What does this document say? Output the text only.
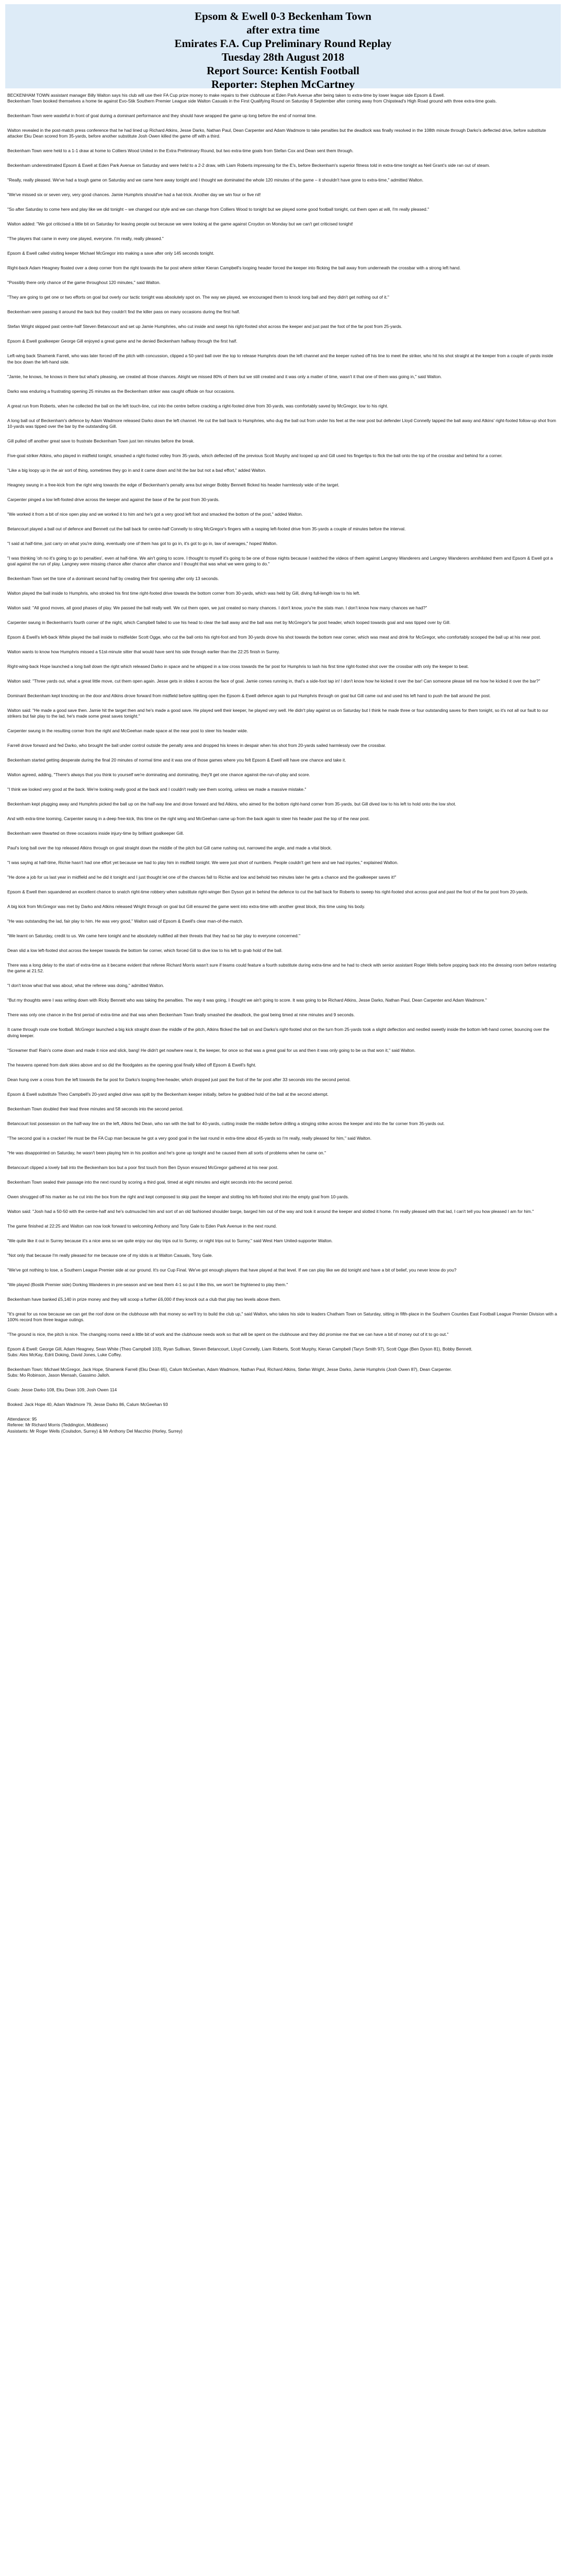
Epsom & Ewell 0-3 Beckenham Town
after extra time
Emirates F.A. Cup Preliminary Round Replay
Tuesday 28th August 2018
Report Source: Kentish Football
Reporter: Stephen McCartney

BECKENHAM TOWN assistant manager Billy Walton says his club will use their FA Cup prize money to make repairs to their clubhouse at Eden Park Avenue after being taken to extra-time by lower league side Epsom & Ewell.

Beckenham Town booked themselves a home tie against Evo-Stik Southern Premier League side Walton Casuals in the First Qualifying Round on Saturday 8 September after coming away from Chipstead's High Road ground with three extra-time goals.

Beckenham Town were wasteful in front of goal during a dominant performance and they should have wrapped the game up long before the end of normal time.

Walton revealed in the post-match press conference that he had lined up Richard Atkins, Jesse Darko, Nathan Paul, Dean Carpenter and Adam Wadmore to take penalties but the deadlock was finally resolved in the 108th minute through Darko's deflected drive, before substitute attacker Eku Dean scored from 35-yards, before another substitute Josh Owen killed the game off with a third.

Beckenham Town were held to a 1-1 draw at home to Colliers Wood United in the Extra Preliminary Round, but two extra-time goals from Stefan Cox and Dean sent them through.

Beckenham underestimated Epsom & Ewell at Eden Park Avenue on Saturday and were held to a 2-2 draw, with Liam Roberts impressing for the E's, before Beckenham's superior fitness told in extra-time tonight as Neil Grant's side ran out of steam.

"Really, really pleased. We've had a tough game on Saturday and we came here away tonight and I thought we dominated the whole 120 minutes of the game – it shouldn't have gone to extra-time," admitted Walton.

"We've missed six or seven very, very good chances. Jamie Humphris should've had a hat-trick. Another day we win four or five nil!

"So after Saturday to come here and play like we did tonight – we changed our style and we can change from Colliers Wood to tonight but we played some good football tonight, cut them open at will, I'm really pleased."

Walton added: "We got criticised a little bit on Saturday for leaving people out because we were looking at the game against Croydon on Monday but we can't get criticised tonight!

"The players that came in every one played, everyone. I'm really, really pleased."

Epsom & Ewell called visiting keeper Michael McGregor into making a save after only 145 seconds tonight.

Right-back Adam Heagney floated over a deep corner from the right towards the far post where striker Kieran Campbell's looping header forced the keeper into flicking the ball away from underneath the crossbar with a strong left hand.

"Possibly there only chance of the game throughout 120 minutes," said Walton.

"They are going to get one or two efforts on goal but overly our tactic tonight was absolutely spot on. The way we played, we encouraged them to knock long ball and they didn't get nothing out of it."

Beckenham were passing it around the back but they couldn't find the killer pass on many occasions during the first half.

Stefan Wright skipped past centre-half Steven Betancourt and set up Jamie Humphries, who cut inside and swept his right-footed shot across the keeper and just past the foot of the far post from 25-yards.

Epsom & Ewell goalkeeper George Gill enjoyed a great game and he denied Beckenham halfway through the first half.

Left-wing back Shamenk Farrell, who was later forced off the pitch with concussion, clipped a 50-yard ball over the top to release Humphris down the left channel and the keeper rushed off his line to meet the striker, who hit his shot straight at the keeper from a couple of yards inside the box down the left-hand side.

"Jamie, he knows, he knows in there but what's pleasing, we created all those chances. Alright we missed 80% of them but we still created and it was only a matter of time, wasn't it that one of them was going in," said Walton.

Darko was enduring a frustrating opening 25 minutes as the Beckenham striker was caught offside on four occasions.

A great run from Roberts, when he collected the ball on the left touch-line, cut into the centre before cracking a right-footed drive from 30-yards, was comfortably saved by McGregor, low to his right.

A long ball out of Beckenham's defence by Adam Wadmore released Darko down the left channel. He cut the ball back to Humphries, who dug the ball out from under his feet at the near post but defender Lloyd Connelly tapped the ball away and Atkins' right-footed follow-up shot from 10-yards was tipped over the bar by the outstanding Gill.

Gill pulled off another great save to frustrate Beckenham Town just ten minutes before the break.

Five-goal striker Atkins, who played in midfield tonight, smashed a right-footed volley from 35-yards, which deflected off the previous Scott Murphy and looped up and Gill used his fingertips to flick the ball onto the top of the crossbar and behind for a corner.

"Like a big loopy up in the air sort of thing, sometimes they go in and it came down and hit the bar but not a bad effort," added Walton.

Heagney swung in a free-kick from the right wing towards the edge of Beckenham's penalty area but winger Bobby Bennett flicked his header harmlessly wide of the target.

Carpenter pinged a low left-footed drive across the keeper and against the base of the far post from 30-yards.

"We worked it from a bit of nice open play and we worked it to him and he's got a very good left foot and smacked the bottom of the post," added Walton.

Betancourt played a ball out of defence and Bennett cut the ball back for centre-half Connelly to sting McGregor's fingers with a rasping left-footed drive from 35-yards a couple of minutes before the interval.

"I said at half-time, just carry on what you're doing, eventually one of them has got to go in, it's got to go in, law of averages," hoped Walton.

"I was thinking 'oh no it's going to go to penalties', even at half-time. We ain't going to score. I thought to myself it's going to be one of those nights because I watched the videos of them against Langney Wanderers and Langney Wanderers annihilated them and Epsom & Ewell got a goal against the run of play. Langney were missing chance after chance after chance and I thought that was what we were going to do."

Beckenham Town set the tone of a dominant second half by creating their first opening after only 13 seconds.

Walton played the ball inside to Humphris, who stroked his first time right-footed drive towards the bottom corner from 30-yards, which was held by Gill, diving full-length low to his left.

Walton said: "All good moves, all good phases of play. We passed the ball really well. We cut them open, we just created so many chances. I don't know, you're the stats man. I don't know how many chances we had?"

Carpenter swung in Beckenham's fourth corner of the night, which Campbell failed to use his head to clear the ball away and the ball was met by McGregor's far post header, which looped towards goal and was tipped over by Gill.

Epsom & Ewell's left-back White played the ball inside to midfielder Scott Ogge, who cut the ball onto his right-foot and from 30-yards drove his shot towards the bottom near corner, which was meat and drink for McGregor, who comfortably scooped the ball up at his near post.

Walton wants to know how Humphris missed a 51st-minute sitter that would have sent his side through earlier than the 22:25 finish in Surrey.

Right-wing-back Hope launched a long ball down the right which released Darko in space and he whipped in a low cross towards the far post for Humphris to lash his first time right-footed shot over the crossbar with only the keeper to beat.

Walton said: "Three yards out, what a great little move, cut them open again. Jesse gets in slides it across the face of goal. Jamie comes running in, that's a side-foot tap in! I don't know how he kicked it over the bar! Can someone please tell me how he kicked it over the bar?"

Dominant Beckenham kept knocking on the door and Atkins drove forward from midfield before splitting open the Epsom & Ewell defence again to put Humphris through on goal but Gill came out and used his left hand to push the ball around the post.

Walton said: "He made a good save then. Jamie hit the target then and he's made a good save. He played well their keeper, he played very well. He didn't play against us on Saturday but I think he made three or four outstanding saves for them tonight, so it's not all our fault to our strikers but fair play to the lad, he's made some great saves tonight."

Carpenter swung in the resulting corner from the right and McGeehan made space at the near post to steer his header wide.

Farrell drove forward and fed Darko, who brought the ball under control outside the penalty area and dropped his knees in despair when his shot from 20-yards sailed harmlessly over the crossbar.

Beckenham started getting desperate during the final 20 minutes of normal time and it was one of those games where you felt Epsom & Ewell will have one chance and take it.

Walton agreed, adding, "There's always that you think to yourself we're dominating and dominating, they'll get one chance against-the-run-of-play and score.

"I think we looked very good at the back. We're looking really good at the back and I couldn't really see them scoring, unless we made a massive mistake."

Beckenham kept plugging away and Humphris picked the ball up on the half-way line and drove forward and fed Atkins, who aimed for the bottom right-hand corner from 35-yards, but Gill dived low to his left to hold onto the low shot.

And with extra-time looming, Carpenter swung in a deep free-kick, this time on the right wing and McGeehan came up from the back again to steer his header past the top of the near post.

Beckenham were thwarted on three occasions inside injury-time by brilliant goalkeeper Gill.

Paul's long ball over the top released Atkins through on goal straight down the middle of the pitch but Gill came rushing out, narrowed the angle, and made a vital block.

"I was saying at half-time, Richie hasn't had one effort yet because we had to play him in midfield tonight. We were just short of numbers. People couldn't get here and we had injuries," explained Walton.

"He done a job for us last year in midfield and he did it tonight and I just thought let one of the chances fall to Richie and low and behold two minutes later he gets a chance and the goalkeeper saves it!"

Epsom & Ewell then squandered an excellent chance to snatch right-time robbery when substitute right-winger Ben Dyson got in behind the defence to cut the ball back for Roberts to sweep his right-footed shot across goal and past the foot of the far post from 20-yards.

A big kick from McGregor was met by Darko and Atkins released Wright through on goal but Gill ensured the game went into extra-time with another great block, this time using his body.

"He was outstanding the lad, fair play to him. He was very good," Walton said of Epsom & Ewell's clear man-of-the-match.

"We learnt on Saturday, credit to us. We came here tonight and he absolutely nullified all their threats that they had so fair play to everyone concerned."

Dean slid a low left-footed shot across the keeper towards the bottom far corner, which forced Gill to dive low to his left to grab hold of the ball.

There was a long delay to the start of extra-time as it became evident that referee Richard Morris wasn't sure if teams could feature a fourth substitute during extra-time and he had to check with senior assistant Roger Wells before popping back into the dressing room before restarting the game at 21:52.

"I don't know what that was about, what the referee was doing," admitted Walton.

"But my thoughts were I was writing down with Ricky Bennett who was taking the penalties. The way it was going, I thought we ain't going to score. It was going to be Richard Atkins, Jesse Darko, Nathan Paul, Dean Carpenter and Adam Wadmore."

There was only one chance in the first period of extra-time and that was when Beckenham Town finally smashed the deadlock, the goal being timed at nine minutes and 9 seconds.

It came through route one football. McGregor launched a big kick straight down the middle of the pitch, Atkins flicked the ball on and Darko's right-footed shot on the turn from 25-yards took a slight deflection and nestled sweetly inside the bottom left-hand corner, bouncing over the diving keeper.

"Screamer that! Rain's come down and made it nice and slick, bang! He didn't get nowhere near it, the keeper, for once so that was a great goal for us and then it was only going to be us that won it," said Walton.

The heavens opened from dark skies above and so did the floodgates as the opening goal finally killed off Epsom & Ewell's fight.

Dean hung over a cross from the left towards the far post for Darko's looping free-header, which dropped just past the foot of the far post after 33 seconds into the second period.

Epsom & Ewell substitute Theo Campbell's 20-yard angled drive was spilt by the Beckenham keeper initially, before he grabbed hold of the ball at the second attempt.

Beckenham Town doubled their lead three minutes and 58 seconds into the second period.

Betancourt lost possession on the half-way line on the left, Atkins fed Dean, who ran with the ball for 40-yards, cutting inside the middle before drilling a stinging strike across the keeper and into the far corner from 35-yards out.

"The second goal is a cracker! He must be the FA Cup man because he got a very good goal in the last round in extra-time about 45-yards so I'm really, really pleased for him," said Walton.

"He was disappointed on Saturday, he wasn't been playing him in his position and he's gone up tonight and he caused them all sorts of problems when he came on."

Betancourt clipped a lovely ball into the Beckenham box but a poor first touch from Ben Dyson ensured McGregor gathered at his near post.

Beckenham Town sealed their passage into the next round by scoring a third goal, timed at eight minutes and eight seconds into the second period.

Owen shrugged off his marker as he cut into the box from the right and kept composed to skip past the keeper and slotting his left-footed shot into the empty goal from 10-yards.

Walton said: "Josh had a 50-50 with the centre-half and he's outmuscled him and sort of an old fashioned shoulder barge, barged him out of the way and took it around the keeper and slotted it home. I'm really pleased with that lad, I can't tell you how pleased I am for him."

The game finished at 22:25 and Walton can now look forward to welcoming Anthony and Tony Gale to Eden Park Avenue in the next round.

"We quite like it out in Surrey because it's a nice area so we quite enjoy our day trips out to Surrey, or night trips out to Surrey," said West Ham United-supporter Walton.

"Not only that because I'm really pleased for me because one of my idols is at Walton Casuals, Tony Gale.

"We've got nothing to lose, a Southern League Premier side at our ground. It's our Cup Final. We've got enough players that have played at that level. If we can play like we did tonight and have a bit of belief, you never know do you?

"We played (Bostik Premier side) Dorking Wanderers in pre-season and we beat them 4-1 so put it like this, we won't be frightened to play them."

Beckenham have banked £5,140 in prize money and they will scoop a further £6,000 if they knock out a club that play two levels above them.

"It's great for us now because we can get the roof done on the clubhouse with that money so we'll try to build the club up," said Walton, who takes his side to leaders Chatham Town on Saturday, sitting in fifth-place in the Southern Counties East Football League Premier Division with a 100% record from three league outings.

"The ground is nice, the pitch is nice. The changing rooms need a little bit of work and the clubhouse needs work so that will be spent on the clubhouse and they did promise me that we can have a bit of money out of it to go out."

Epsom & Ewell: George Gill, Adam Heagney, Sean White (Theo Campbell 103), Ryan Sullivan, Steven Betancourt, Lloyd Connelly, Liam Roberts, Scott Murphy, Kieran Campbell (Taryn Smith 97), Scott Ogge (Ben Dyson 81), Bobby Bennett.

Subs: Alex McKay, Edrit Doking, David Jones, Luke Coffey.

Beckenham Town: Michael McGregor, Jack Hope, Shamenk Farrell (Eku Dean 65), Calum McGeehan, Adam Wadmore, Nathan Paul, Richard Atkins, Stefan Wright, Jesse Darko, Jamie Humphris (Josh Owen 87), Dean Carpenter.

Subs: Mo Robinson, Jason Mensah, Gassimo Jalloh.

Goals: Jesse Darko 108, Eku Dean 109, Josh Owen 114

Booked: Jack Hope 40, Adam Wadmore 79, Jesse Darko 86, Calum McGeehan 93

Attendance: 95

Referee: Mr Richard Morris (Teddington, Middlesex)

Assistants: Mr Roger Wells (Coulsdon, Surrey) & Mr Anthony Del Macchio (Horley, Surrey)
